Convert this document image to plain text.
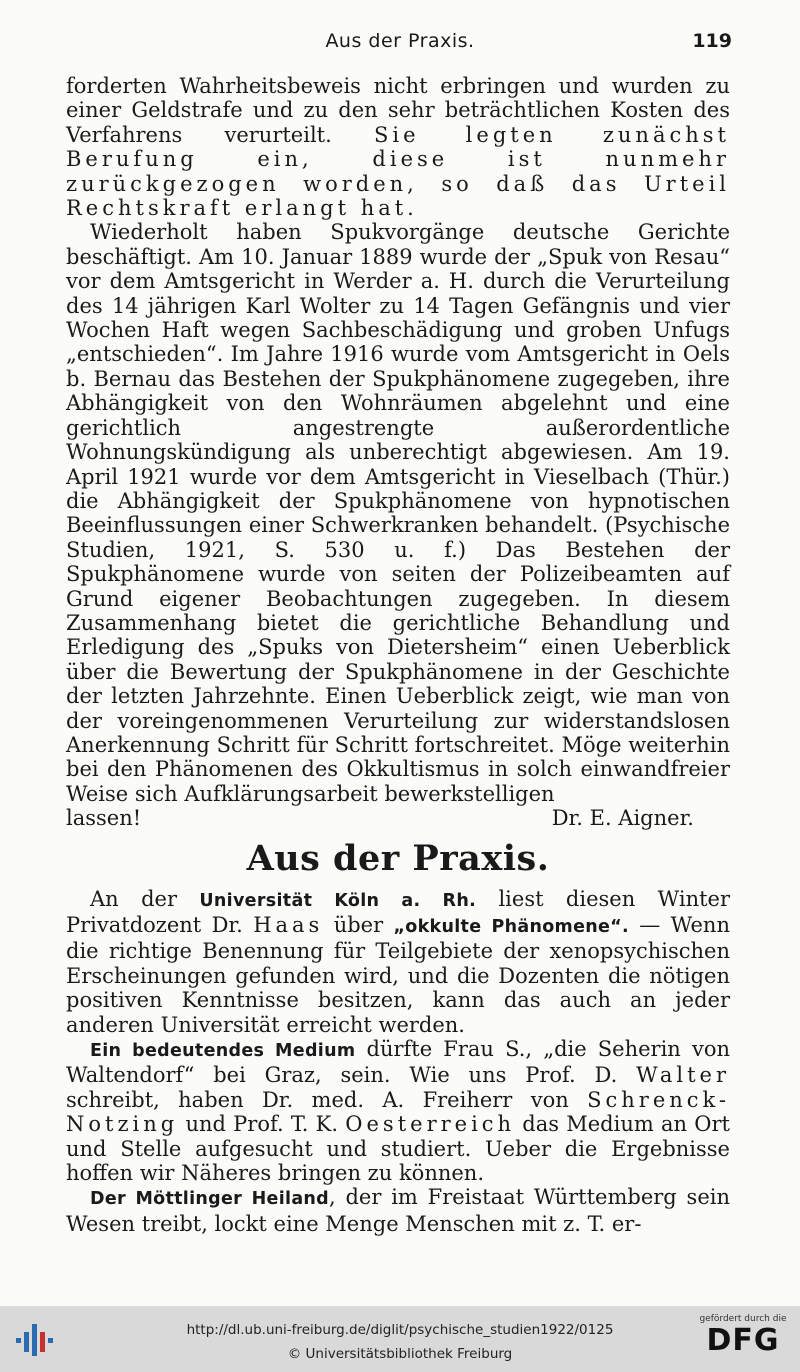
Aus der Praxis.	119

forderten Wahrheitsbeweis nicht erbringen und wurden zu einer Geldstrafe und zu den sehr beträchtlichen Kosten des Verfahrens verurteilt. Sie legten zunächst Berufung ein, diese ist nunmehr zurückgezogen worden, so daß das Urteil Rechtskraft erlangt hat.

Wiederholt haben Spukvorgänge deutsche Gerichte beschäftigt. Am 10. Januar 1889 wurde der „Spuk von Resau“ vor dem Amtsgericht in Werder a. H. durch die Verurteilung des 14 jährigen Karl Wolter zu 14 Tagen Gefängnis und vier Wochen Haft wegen Sachbeschädigung und groben Unfugs „entschieden“. Im Jahre 1916 wurde vom Amtsgericht in Oels b. Bernau das Bestehen der Spukphänomene zugegeben, ihre Abhängigkeit von den Wohnräumen abgelehnt und eine gerichtlich angestrengte außerordentliche Wohnungskündigung als unberechtigt abgewiesen. Am 19. April 1921 wurde vor dem Amtsgericht in Vieselbach (Thür.) die Abhängigkeit der Spukphänomene von hypnotischen Beeinflussungen einer Schwerkranken behandelt. (Psychische Studien, 1921, S. 530 u. f.) Das Bestehen der Spukphänomene wurde von seiten der Polizeibeamten auf Grund eigener Beobachtungen zugegeben. In diesem Zusammenhang bietet die gerichtliche Behandlung und Erledigung des „Spuks von Dietersheim“ einen Ueberblick über die Bewertung der Spukphänomene in der Geschichte der letzten Jahrzehnte. Einen Ueberblick zeigt, wie man von der voreingenommenen Verurteilung zur widerstandslosen Anerkennung Schritt für Schritt fortschreitet. Möge weiterhin bei den Phänomenen des Okkultismus in solch einwandfreier Weise sich Aufklärungsarbeit bewerkstelligen

lassen!	Dr. E. Aigner.
Aus der Praxis.

An der Universität Köln a. Rh. liest diesen Winter Privatdozent Dr. Haas über „okkulte Phänomene“. — Wenn die richtige Benennung für Teilgebiete der xenopsychischen Erscheinungen gefunden wird, und die Dozenten die nötigen positiven Kenntnisse besitzen, kann das auch an jeder anderen Universität erreicht werden.

Ein bedeutendes Medium dürfte Frau S., „die Seherin von Waltendorf“ bei Graz, sein. Wie uns Prof. D. Walter schreibt, haben Dr. med. A. Freiherr von Schrenck-Notzing und Prof. T. K. Oesterreich das Medium an Ort und Stelle aufgesucht und studiert. Ueber die Ergebnisse hoffen wir Näheres bringen zu können.

Der Möttlinger Heiland, der im Freistaat Württemberg sein Wesen treibt, lockt eine Menge Menschen mit z. T. er-

http://dl.ub.uni-freiburg.de/diglit/psychische_studien1922/0125
© Universitätsbibliothek Freiburg
gefördert durch die
DFG
